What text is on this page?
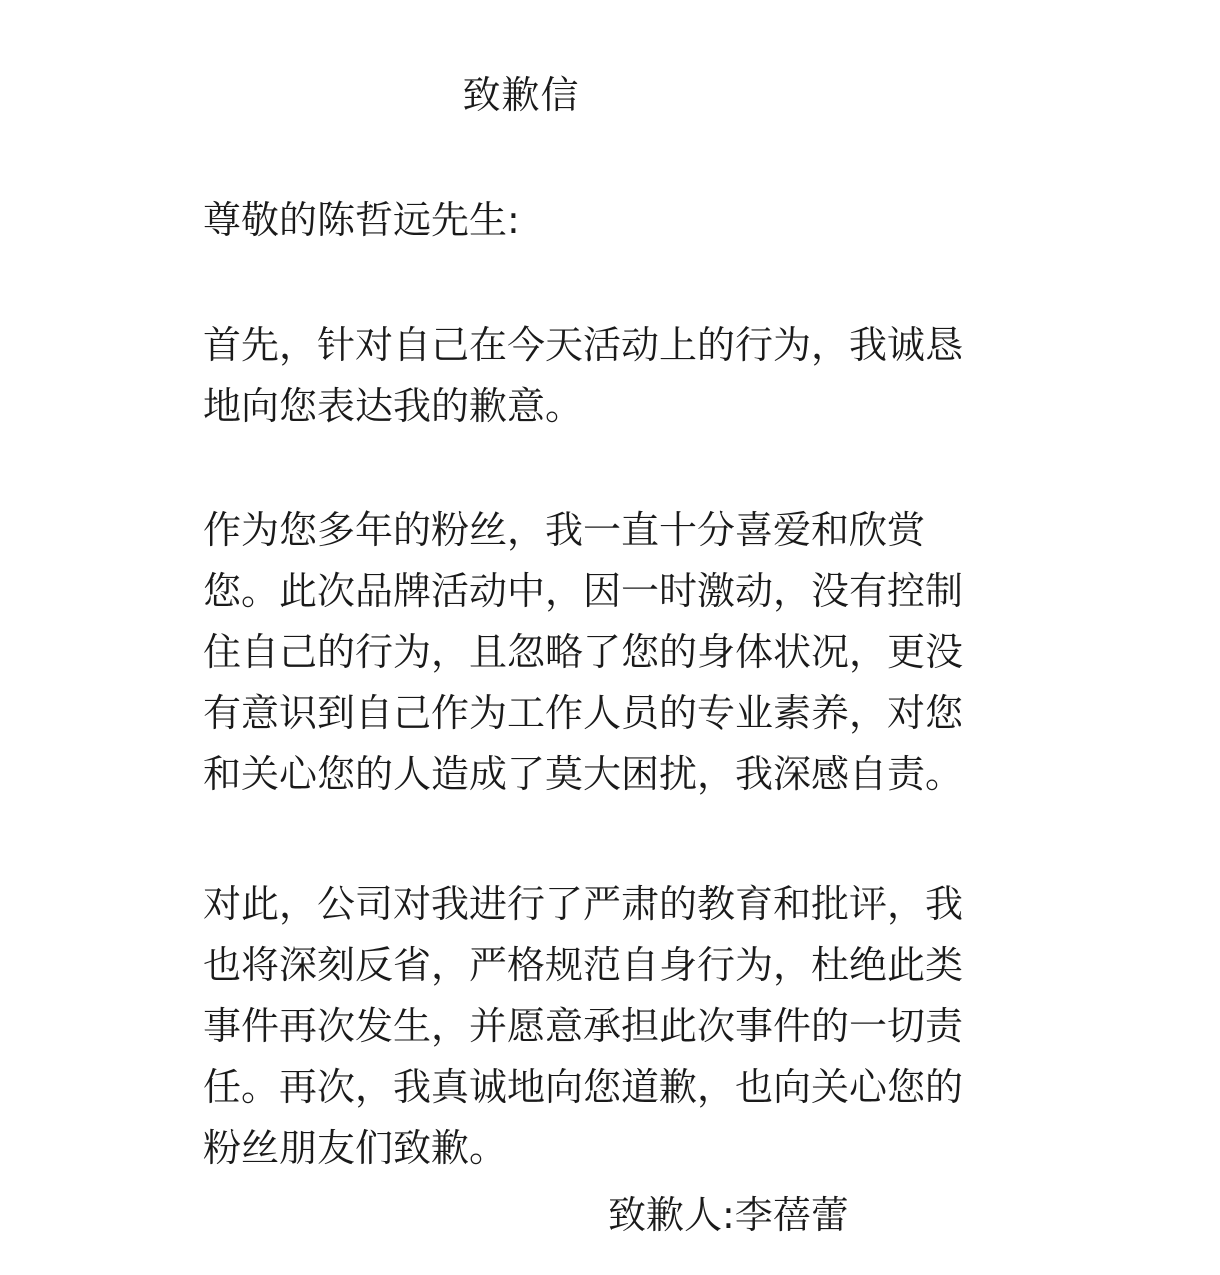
致歉信
尊敬的陈哲远先生:

首先，针对自己在今天活动上的行为，我诚恳
地向您表达我的歉意。

作为您多年的粉丝，我一直十分喜爱和欣赏
您。此次品牌活动中，因一时激动，没有控制
住自己的行为，且忽略了您的身体状况，更没
有意识到自己作为工作人员的专业素养，对您
和关心您的人造成了莫大困扰，我深感自责。

对此，公司对我进行了严肃的教育和批评，我
也将深刻反省，严格规范自身行为，杜绝此类
事件再次发生，并愿意承担此次事件的一切责
任。再次，我真诚地向您道歉，也向关心您的
粉丝朋友们致歉。

致歉人:李蓓蕾
